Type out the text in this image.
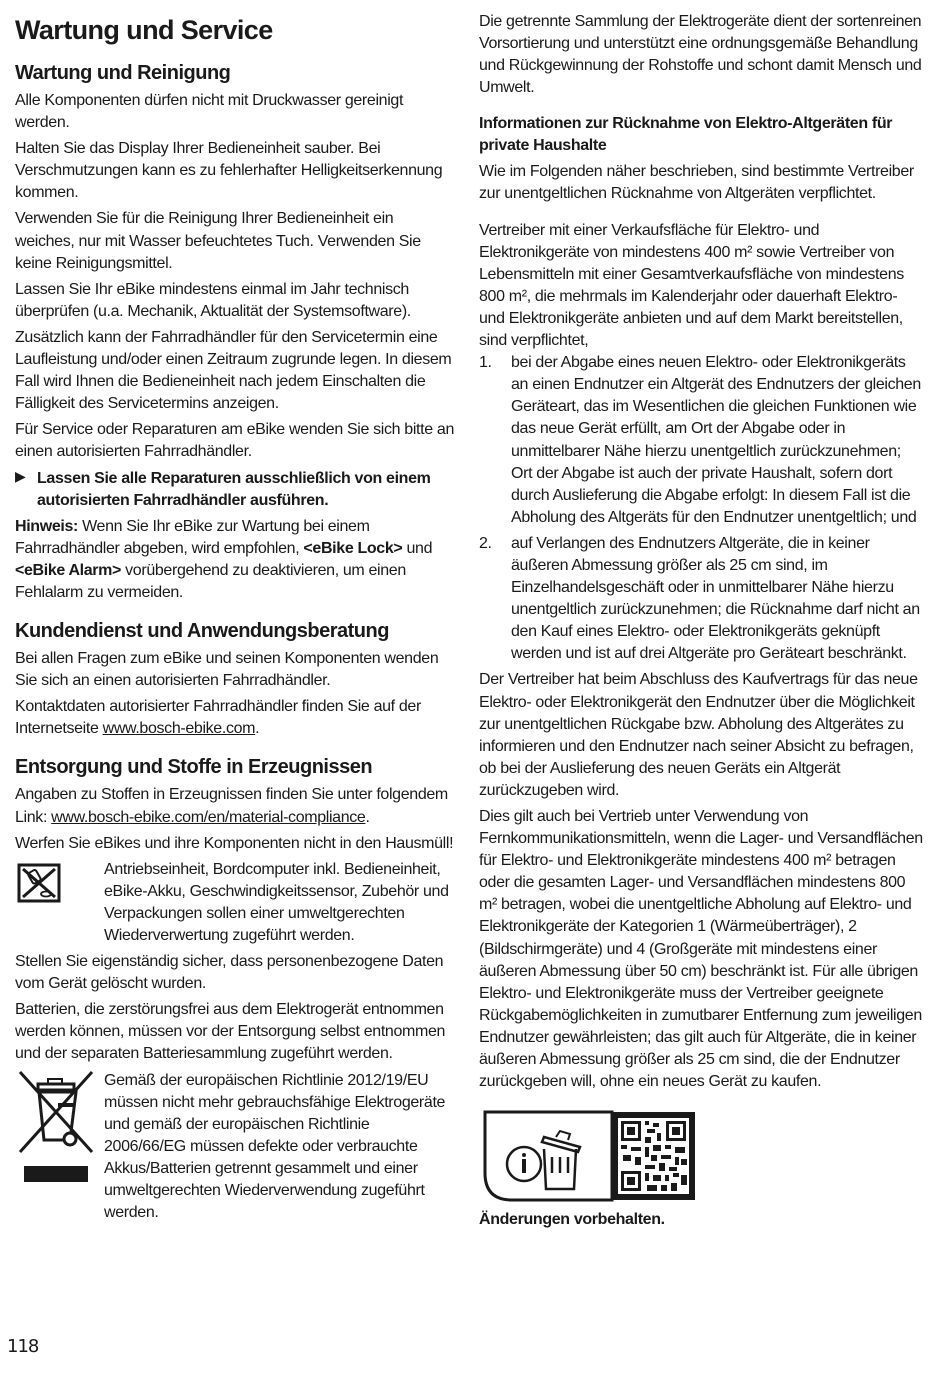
Wartung und Service
Wartung und Reinigung

Alle Komponenten dürfen nicht mit Druckwasser gereinigt werden.

Halten Sie das Display Ihrer Bedieneinheit sauber. Bei Verschmutzungen kann es zu fehlerhafter Helligkeitserkennung kommen.

Verwenden Sie für die Reinigung Ihrer Bedieneinheit ein weiches, nur mit Wasser befeuchtetes Tuch. Verwenden Sie keine Reinigungsmittel.

Lassen Sie Ihr eBike mindestens einmal im Jahr technisch überprüfen (u.a. Mechanik, Aktualität der Systemsoftware).

Zusätzlich kann der Fahrradhändler für den Servicetermin eine Laufleistung und/oder einen Zeitraum zugrunde legen. In diesem Fall wird Ihnen die Bedieneinheit nach jedem Einschalten die Fälligkeit des Servicetermins anzeigen.

Für Service oder Reparaturen am eBike wenden Sie sich bitte an einen autorisierten Fahrradhändler.

▶ Lassen Sie alle Reparaturen ausschließlich von einem autorisierten Fahrradhändler ausführen.

Hinweis: Wenn Sie Ihr eBike zur Wartung bei einem Fahrradhändler abgeben, wird empfohlen, <eBike Lock> und <eBike Alarm> vorübergehend zu deaktivieren, um einen Fehlalarm zu vermeiden.

Kundendienst und Anwendungsberatung

Bei allen Fragen zum eBike und seinen Komponenten wenden Sie sich an einen autorisierten Fahrradhändler.

Kontaktdaten autorisierter Fahrradhändler finden Sie auf der Internetseite www.bosch-ebike.com.

Entsorgung und Stoffe in Erzeugnissen

Angaben zu Stoffen in Erzeugnissen finden Sie unter folgendem Link: www.bosch-ebike.com/en/material-compliance.

Werfen Sie eBikes und ihre Komponenten nicht in den Hausmüll!

Antriebseinheit, Bordcomputer inkl. Bedieneinheit, eBike-Akku, Geschwindigkeitssensor, Zubehör und Verpackungen sollen einer umweltgerechten Wiederverwertung zugeführt werden.

Stellen Sie eigenständig sicher, dass personenbezogene Daten vom Gerät gelöscht wurden.

Batterien, die zerstörungsfrei aus dem Elektrogerät entnommen werden können, müssen vor der Entsorgung selbst entnommen und der separaten Batteriesammlung zugeführt werden.

Gemäß der europäischen Richtlinie 2012/19/EU müssen nicht mehr gebrauchsfähige Elektrogeräte und gemäß der europäischen Richtlinie 2006/66/EG müssen defekte oder verbrauchte Akkus/Batterien getrennt gesammelt und einer umweltgerechten Wiederverwendung zugeführt werden.

118

Die getrennte Sammlung der Elektrogeräte dient der sortenreinen Vorsortierung und unterstützt eine ordnungsgemäße Behandlung und Rückgewinnung der Rohstoffe und schont damit Mensch und Umwelt.

Informationen zur Rücknahme von Elektro-Altgeräten für private Haushalte

Wie im Folgenden näher beschrieben, sind bestimmte Vertreiber zur unentgeltlichen Rücknahme von Altgeräten verpflichtet.

Vertreiber mit einer Verkaufsfläche für Elektro- und Elektronikgeräte von mindestens 400 m² sowie Vertreiber von Lebensmitteln mit einer Gesamtverkaufsfläche von mindestens 800 m², die mehrmals im Kalenderjahr oder dauerhaft Elektro- und Elektronikgeräte anbieten und auf dem Markt bereitstellen, sind verpflichtet,

1. bei der Abgabe eines neuen Elektro- oder Elektronikgeräts an einen Endnutzer ein Altgerät des Endnutzers der gleichen Geräteart, das im Wesentlichen die gleichen Funktionen wie das neue Gerät erfüllt, am Ort der Abgabe oder in unmittelbarer Nähe hierzu unentgeltlich zurückzunehmen; Ort der Abgabe ist auch der private Haushalt, sofern dort durch Auslieferung die Abgabe erfolgt: In diesem Fall ist die Abholung des Altgeräts für den Endnutzer unentgeltlich; und

2. auf Verlangen des Endnutzers Altgeräte, die in keiner äußeren Abmessung größer als 25 cm sind, im Einzelhandelsgeschäft oder in unmittelbarer Nähe hierzu unentgeltlich zurückzunehmen; die Rücknahme darf nicht an den Kauf eines Elektro- oder Elektronikgeräts geknüpft werden und ist auf drei Altgeräte pro Geräteart beschränkt.

Der Vertreiber hat beim Abschluss des Kaufvertrags für das neue Elektro- oder Elektronikgerät den Endnutzer über die Möglichkeit zur unentgeltlichen Rückgabe bzw. Abholung des Altgerätes zu informieren und den Endnutzer nach seiner Absicht zu befragen, ob bei der Auslieferung des neuen Geräts ein Altgerät zurückzugeben wird.

Dies gilt auch bei Vertrieb unter Verwendung von Fernkommunikationsmitteln, wenn die Lager- und Versandflächen für Elektro- und Elektronikgeräte mindestens 400 m² betragen oder die gesamten Lager- und Versandflächen mindestens 800 m² betragen, wobei die unentgeltliche Abholung auf Elektro- und Elektronikgeräte der Kategorien 1 (Wärmeüberträger), 2 (Bildschirmgeräte) und 4 (Großgeräte mit mindestens einer äußeren Abmessung über 50 cm) beschränkt ist. Für alle übrigen Elektro- und Elektronikgeräte muss der Vertreiber geeignete Rückgabemöglichkeiten in zumutbarer Entfernung zum jeweiligen Endnutzer gewährleisten; das gilt auch für Altgeräte, die in keiner äußeren Abmessung größer als 25 cm sind, die der Endnutzer zurückgeben will, ohne ein neues Gerät zu kaufen.

Änderungen vorbehalten.
